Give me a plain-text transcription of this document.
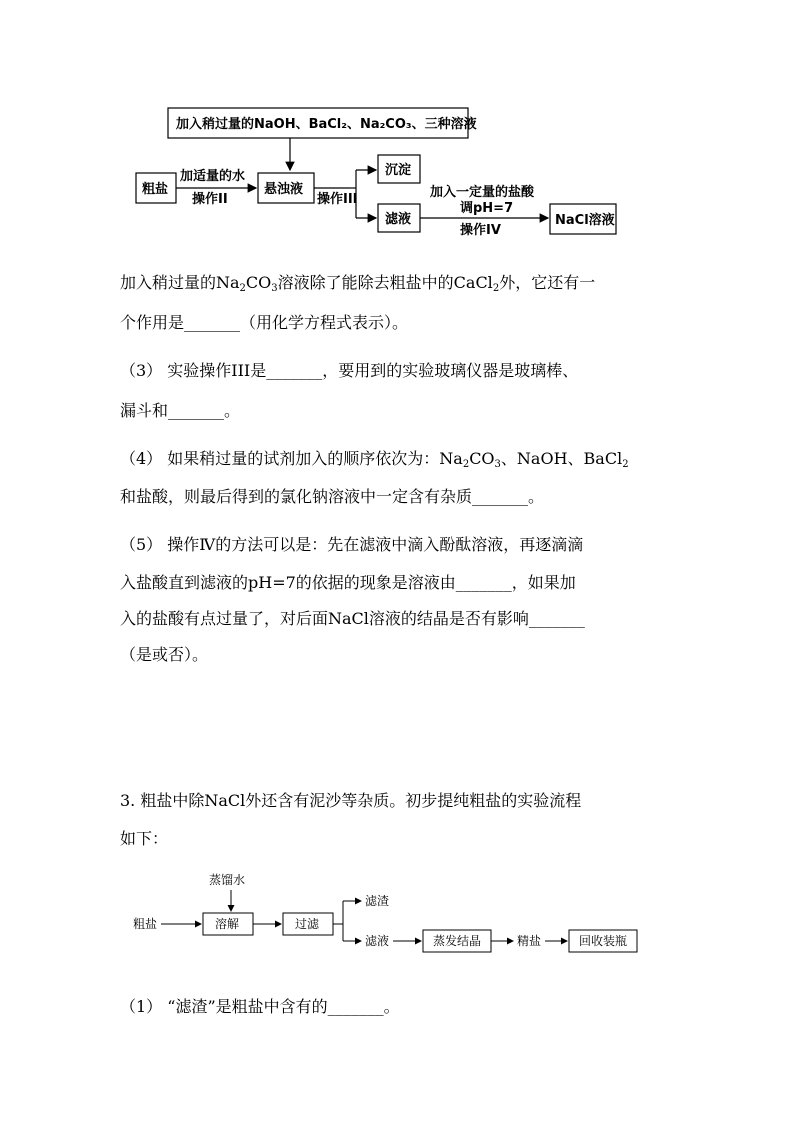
加入稍过量的NaOH、BaCl₂、Na₂CO₃、三种溶液
粗盐
加适量的水
操作II
悬浊液
操作III
沉淀
滤液
加入一定量的盐酸
调pH=7
操作IV
NaCl溶液
加入稍过量的$Na_2CO_3$溶液除了能除去粗盐中的CaCl$_2$外，它还有一
个作用是_______（用化学方程式表示）。
（3） 实验操作III是_______，要用到的实验玻璃仪器是玻璃棒、
漏斗和_______。
（4） 如果稍过量的试剂加入的顺序依次为：$Na_2CO_3$、NaOH、BaCl$_2$
和盐酸，则最后得到的氯化钠溶液中一定含有杂质_______。
（5） 操作Ⅳ的方法可以是：先在滤液中滴入酚酞溶液，再逐滴滴
入盐酸直到滤液的pH=7的依据的现象是溶液由_______，如果加
入的盐酸有点过量了，对后面NaCl溶液的结晶是否有影响_______
（是或否）。
3. 粗盐中除NaCl外还含有泥沙等杂质。初步提纯粗盐的实验流程
如下：
蒸馏水
粗盐	溶解	过滤
滤渣
滤液	蒸发结晶	精盐	回收装瓶
（1） “滤渣”是粗盐中含有的_______。
